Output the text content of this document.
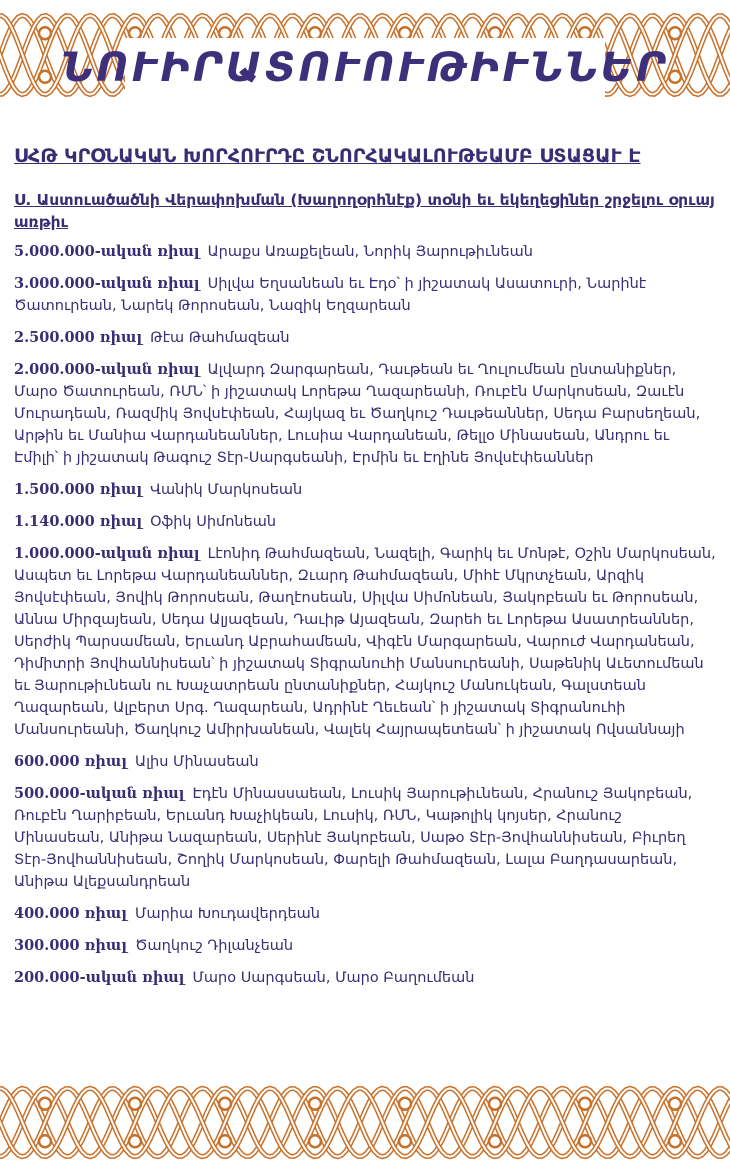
ՆՈՒԻՐԱՏՈՒՈՒԹԻՒՆՆԵՐ
ՍՀԹ ԿՐՕՆԱԿԱՆ ԽՈՐՀՈՒՐԴԸ ՇՆՈՐՀԱԿԱԼՈՒԹԵԱՄԲ ՍՏԱՑԱՒ Է
Ս. Աստուածածնի Վերափոխման (Խաղողօրհնէք) տօնի եւ եկեղեցիներ շրջելու օրւայ առթիւ
5.000.000-ական ռիալ Արաքս Առաքելեան, Նորիկ Յարութիւնեան
3.000.000-ական ռիալ Սիլվա Եղսանեան եւ Էդօ՝ ի յիշատակ Ասատուրի, Նարինէ Ծատուրեան, Նարեկ Թորոսեան, Նազիկ Եղզարեան
2.500.000 ռիալ Թէա Թահմազեան
2.000.000-ական ռիալ Ալվարդ Զարգարեան, Դաւթեան եւ Ղուլումեան ընտանիքներ, Մարօ Ծատուրեան, ՌՄՆ՝ ի յիշատակ Լորեթա Ղազարեանի, Ռուբէն Մարկոսեան, Զաւէն Մուրադեան, Ռազմիկ Յովսէփեան, Հայկազ եւ Ծաղկուշ Դաւթեաններ, Սեդա Բարսեղեան, Արթին եւ Մանիա Վարդանեաններ, Լուսիա Վարդանեան, Թելլօ Մինասեան, Անդրու եւ Էմիլի՝ ի յիշատակ Թագուշ Տէր-Սարգսեանի, Էրմին եւ Էղինե Յովսէփեաններ
1.500.000 ռիալ Վանիկ Մարկոսեան
1.140.000 ռիալ Օֆիկ Սիմոնեան
1.000.000-ական ռիալ Լէոնիդ Թահմազեան, Նազելի, Գարիկ եւ Մոնթէ, Օշին Մարկոսեան, Ասպետ եւ Լորեթա Վարդանեաններ, Զւարդ Թահմազեան, Միհէ Մկրտչեան, Արզիկ Յովսէփեան, Յովիկ Թորոսեան, Թաղէոսեան, Սիլվա Սիմոնեան, Յակոբեան եւ Թորոսեան, Աննա Միրզայեան, Սեդա Ալյազեան, Դաւիթ Այազեան, Զարեհ եւ Լորեթա Ասատրեաններ, Սերժիկ Պարսամեան, Երւանդ Աբրահամեան, Վիգէն Մարգարեան, Վարուժ Վարդանեան, Դիմիտրի Յովհաննիսեան՝ ի յիշատակ Տիգրանուհի Մանսուրեանի, Սաթենիկ Աւետումեան եւ Յարութիւնեան ու Խաչատրեան ընտանիքներ, Հայկուշ Մանուկեան, Գալստեան Ղազարեան, Ալբերտ Սրգ. Ղազարեան, Ադրինէ Ղեւեան՝ ի յիշատակ Տիգրանուհի Մանսուրեանի, Ծաղկուշ Ամիրխանեան, Վալեկ Հայրապետեան՝ ի յիշատակ Ովսաննայի
600.000 ռիալ Ալիս Մինասեան
500.000-ական ռիալ Էդէն Մինասսաեան, Լուսիկ Յարութիւնեան, Հրանուշ Յակոբեան, Ռուբէն Ղարիբեան, Երւանդ Խաչիկեան, Լուսիկ, ՌՄՆ, Կաթոլիկ կոյսեր, Հրանուշ Մինասեան, Անիթա Նազարեան, Սերինէ Յակոբեան, Սաթօ Տէր-Յովհաննիսեան, Բիւրեղ Տէր-Յովհաննիսեան, Շողիկ Մարկոսեան, Փարելի Թահմազեան, Լալա Բաղդասարեան, Անիթա Ալեքսանդրեան
400.000 ռիալ Մարիա Խուդավերդեան
300.000 ռիալ Ծաղկուշ Դիլանչեան
200.000-ական ռիալ Մարօ Սարգսեան, Մարօ Բաղումեան
